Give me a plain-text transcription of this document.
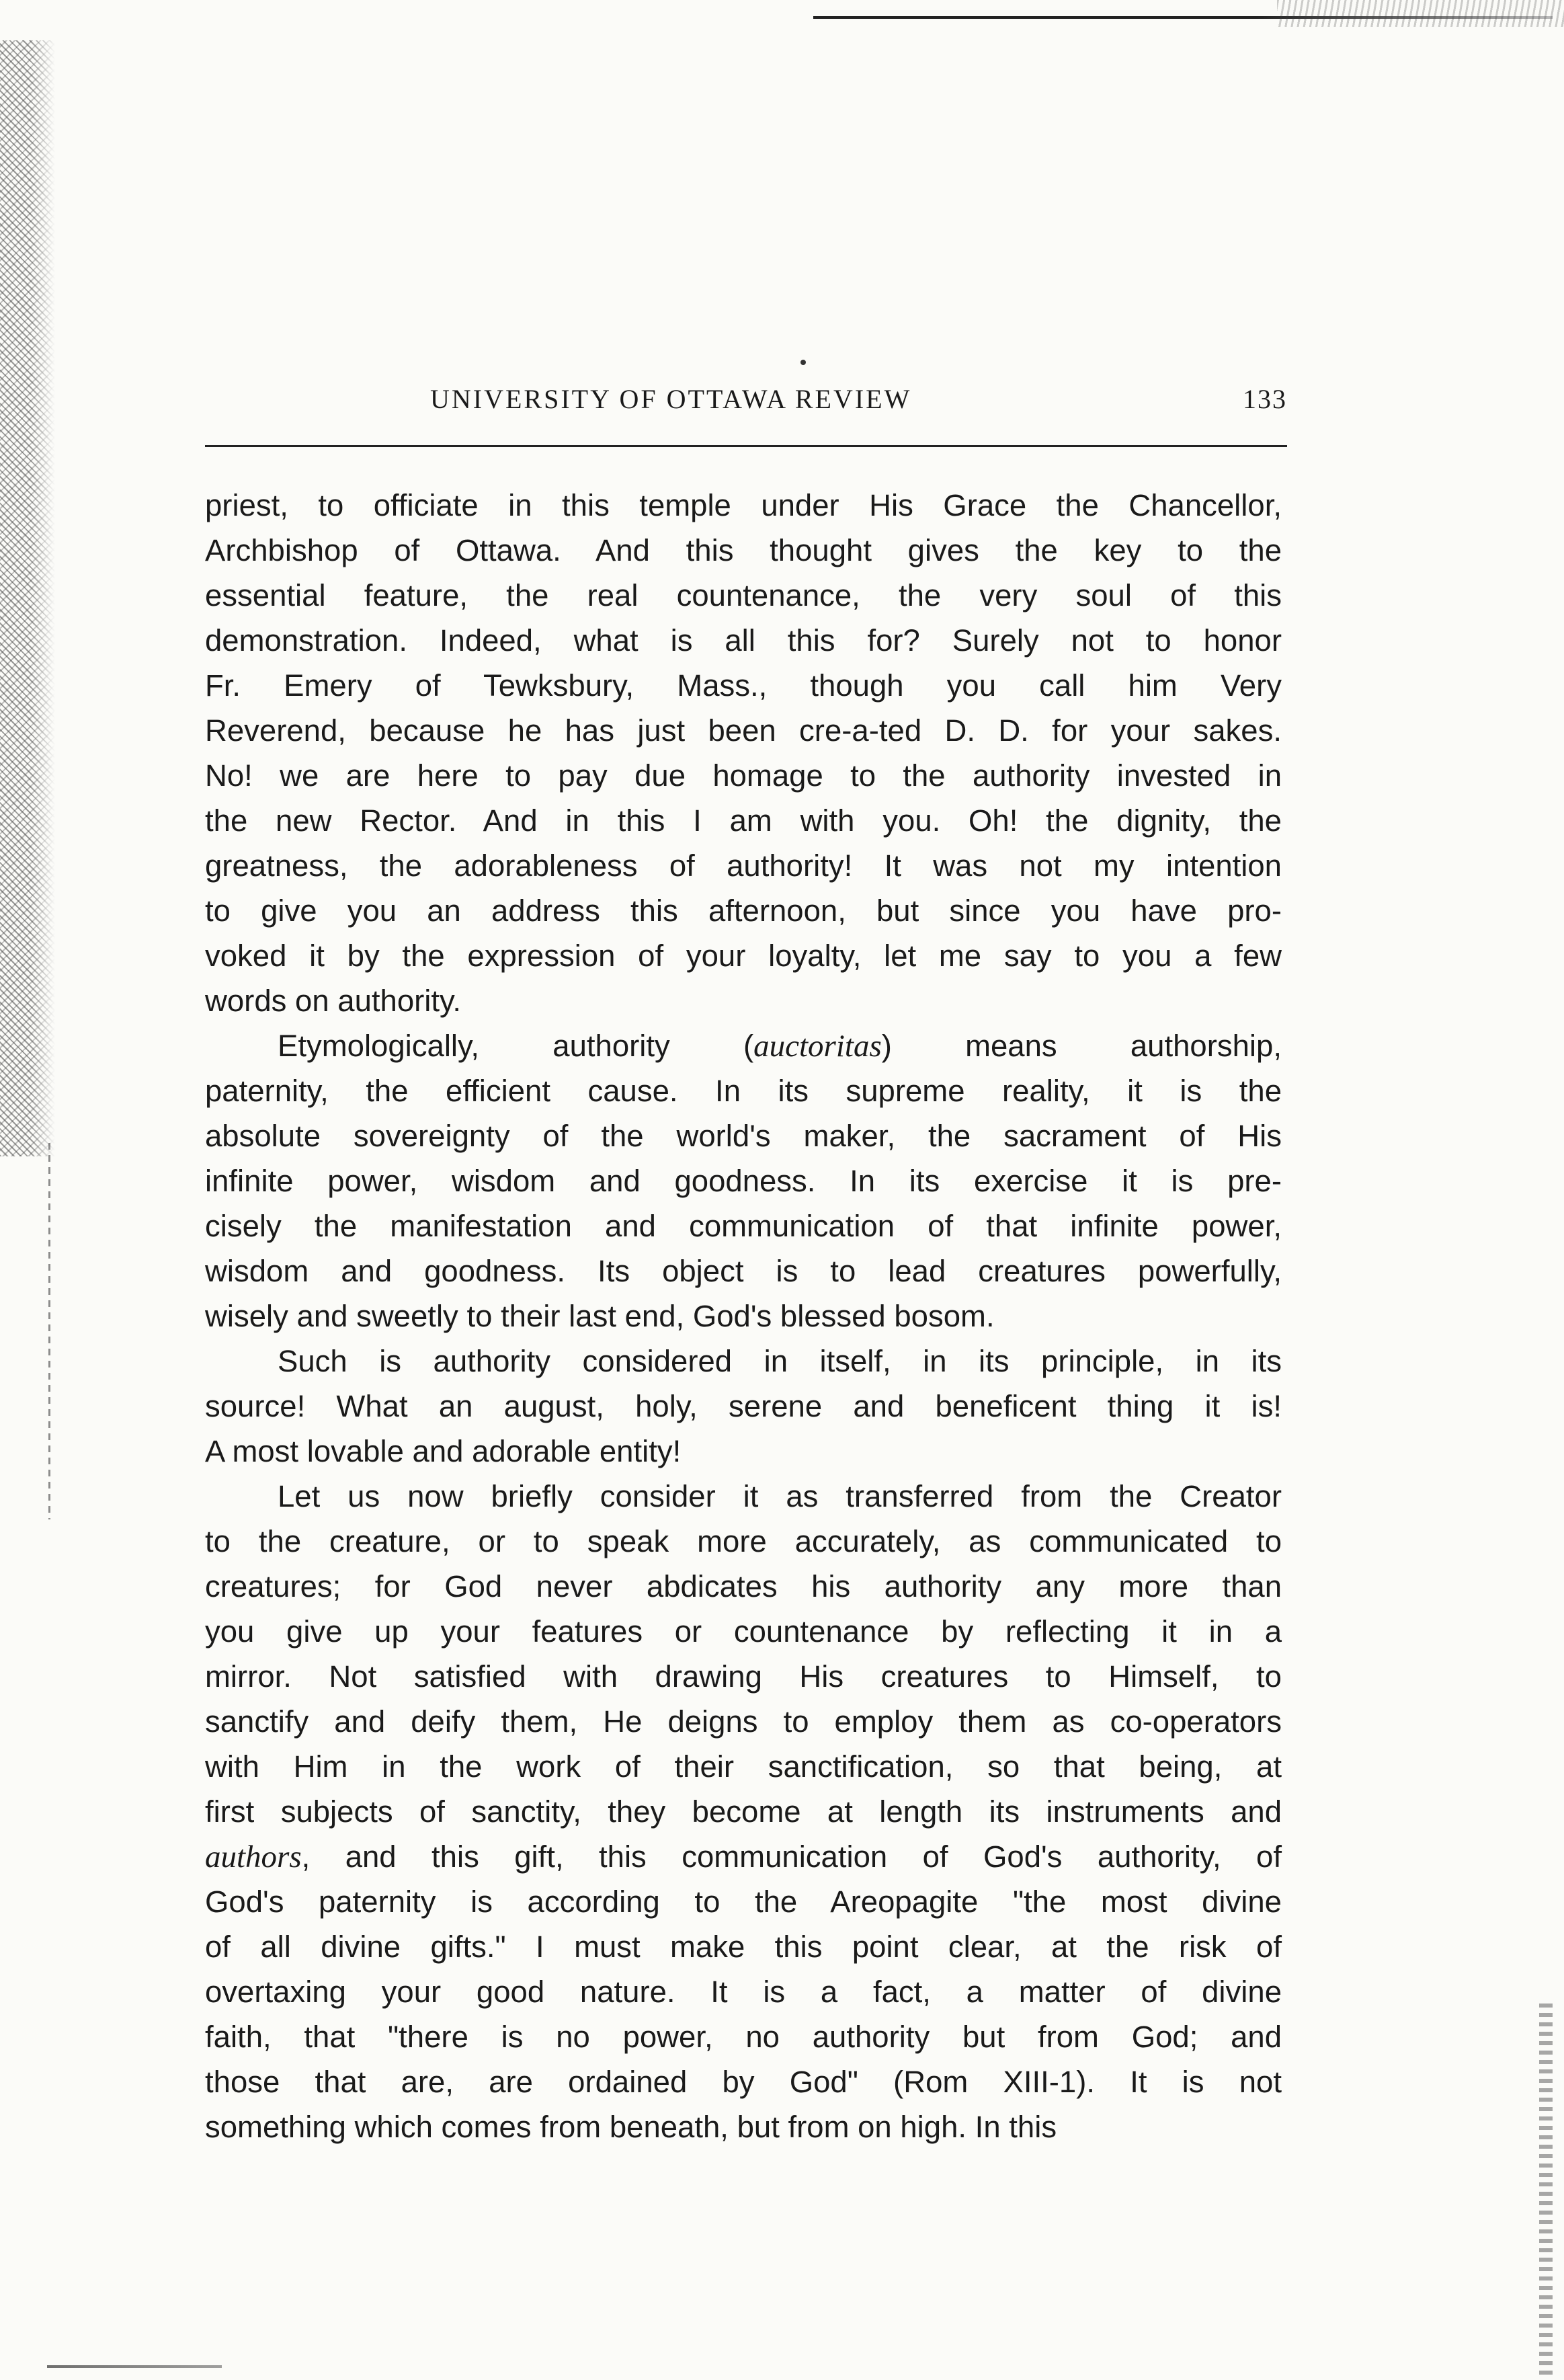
UNIVERSITY OF OTTAWA REVIEW	133
priest, to officiate in this temple under His Grace the Chancellor,
Archbishop of Ottawa. And this thought gives the key to the
essential feature, the real countenance, the very soul of this
demonstration. Indeed, what is all this for? Surely not to honor
Fr. Emery of Tewksbury, Mass., though you call him Very
Reverend, because he has just been cre-a-ted D. D. for your sakes.
No! we are here to pay due homage to the authority invested in
the new Rector. And in this I am with you. Oh! the dignity, the
greatness, the adorableness of authority! It was not my intention
to give you an address this afternoon, but since you have pro-
voked it by the expression of your loyalty, let me say to you a few
words on authority.
Etymologically, authority (auctoritas) means authorship,
paternity, the efficient cause. In its supreme reality, it is the
absolute sovereignty of the world's maker, the sacrament of His
infinite power, wisdom and goodness. In its exercise it is pre-
cisely the manifestation and communication of that infinite power,
wisdom and goodness. Its object is to lead creatures powerfully,
wisely and sweetly to their last end, God's blessed bosom.
Such is authority considered in itself, in its principle, in its
source! What an august, holy, serene and beneficent thing it is!
A most lovable and adorable entity!
Let us now briefly consider it as transferred from the Creator
to the creature, or to speak more accurately, as communicated to
creatures; for God never abdicates his authority any more than
you give up your features or countenance by reflecting it in a
mirror. Not satisfied with drawing His creatures to Himself, to
sanctify and deify them, He deigns to employ them as co-operators
with Him in the work of their sanctification, so that being, at
first subjects of sanctity, they become at length its instruments and
authors, and this gift, this communication of God's authority, of
God's paternity is according to the Areopagite "the most divine
of all divine gifts." I must make this point clear, at the risk of
overtaxing your good nature. It is a fact, a matter of divine
faith, that "there is no power, no authority but from God; and
those that are, are ordained by God" (Rom XIII-1). It is not
something which comes from beneath, but from on high. In this
